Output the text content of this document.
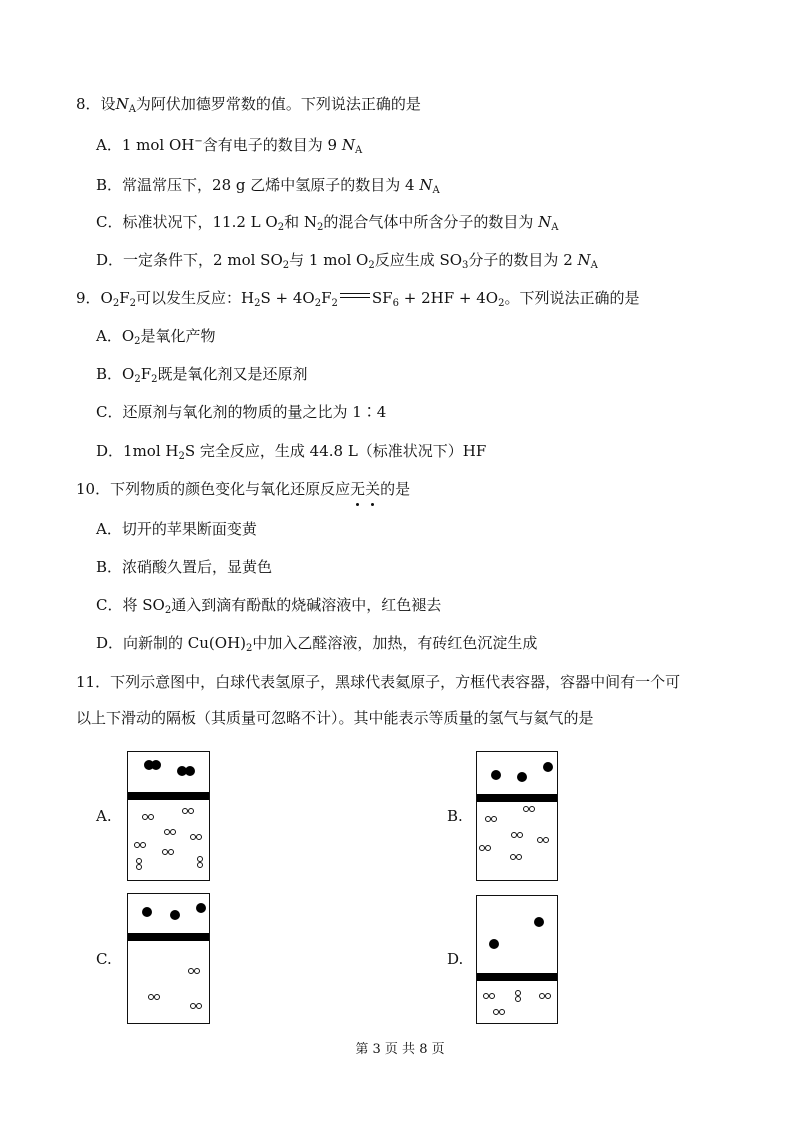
8．设$N_A$为阿伏加德罗常数的值。下列说法正确的是
A．1 mol OH−含有电子的数目为 9 $N_A$
B．常温常压下，28 g 乙烯中氢原子的数目为 4 $N_A$
C．标准状况下，11.2 L $O_2$和 $N_2$的混合气体中所含分子的数目为 $N_A$
D．一定条件下，2 mol $SO_2$与 1 mol $O_2$反应生成 $SO_3$分子的数目为 2 $N_A$
9．$O_2F_2$可以发生反应：$H_2S + 4O_2F_2$ $SF_6 + 2HF + 4O_2$。下列说法正确的是
A．$O_2$是氧化产物
B．$O_2F_2$既是氧化剂又是还原剂
C．还原剂与氧化剂的物质的量之比为 1∶4
D．1mol $H_2S$ 完全反应，生成 44.8 L（标准状况下）HF
10．下列物质的颜色变化与氧化还原反应无关的是
A．切开的苹果断面变黄
B．浓硝酸久置后，显黄色
C．将 $SO_2$通入到滴有酚酞的烧碱溶液中，红色褪去
D．向新制的 $Cu(OH)_2$中加入乙醛溶液，加热，有砖红色沉淀生成
11．下列示意图中，白球代表氢原子，黑球代表氦原子，方框代表容器，容器中间有一个可
以上下滑动的隔板（其质量可忽略不计）。其中能表示等质量的氢气与氦气的是
A.	B.
C.	D.
第 3 页 共 8 页
